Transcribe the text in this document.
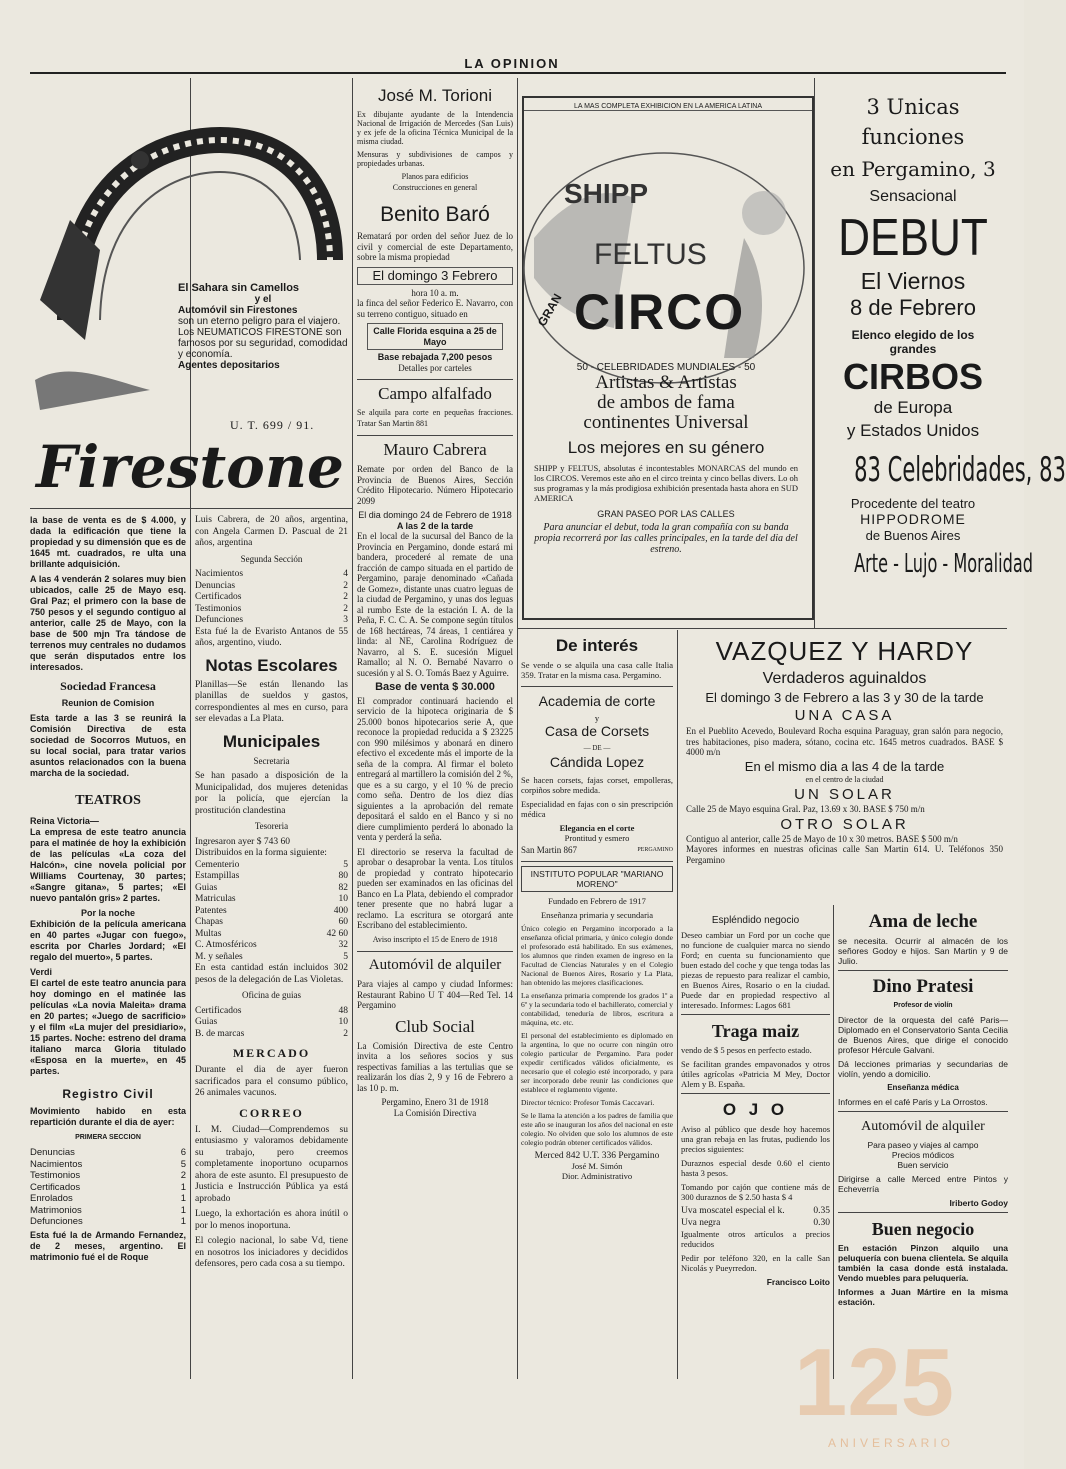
LA OPINION
El Sahara sin Camellos
y el
Automóvil sin Firestones
son un eterno peligro para el viajero.
Los NEUMATICOS FIRESTONE son famosos por su seguridad, comodidad y economía.
Agentes depositarios
U. T. 699 / 91.
Firestone

la base de venta es de $ 4.000, y dada la edificación que tiene la propiedad y su dimensión que es de 1645 mt. cuadrados, re ulta una brillante adquisición.

A las 4 venderán 2 solares muy bien ubicados, calle 25 de Mayo esq. Gral Paz; el primero con la base de 750 pesos y el segundo contiguo al anterior, calle 25 de Mayo, con la base de 500 mjn Tra tándose de terrenos muy centrales no dudamos que serán disputados entre los interesados.

Sociedad Francesa
Reunion de Comision

Esta tarde a las 3 se reunirá la Comisión Directiva de esta sociedad de Socorros Mutuos, en su local social, para tratar varios asuntos relacionados con la buena marcha de la sociedad.

TEATROS
Reina Victoria—

La empresa de este teatro anuncia para el matinée de hoy la exhibición de las películas «La coza del Halcón», cine novela policial por Williams Courtenay, 30 partes; «Sangre gitana», 5 partes; «El nuevo pantalón gris» 2 partes.

Por la noche

Exhibición de la película americana en 40 partes «Jugar con fuego», escrita por Charles Jordard; «El regalo del muerto», 5 partes.

Verdi

El cartel de este teatro anuncia para hoy domingo en el matinée las películas «La novia Maleita» drama en 20 partes; «Juego de sacrificio» y el film «La mujer del presidiario», 15 partes. Noche: estreno del drama italiano marca Gloria titulado «Esposa en la muerte», en 45 partes.

Registro Civil

Movimiento habido en esta repartición durante el dia de ayer:

PRIMERA SECCION
Denuncias	6
Nacimientos	5
Testimonios	2
Certificados	1
Enrolados	1
Matrimonios	1
Defunciones	1

Esta fué la de Armando Fernandez, de 2 meses, argentino. El matrimonio fué el de Roque

Luis Cabrera, de 20 años, argentina, con Angela Carmen D. Pascual de 21 años, argentina

Segunda Sección
Nacimientos	4
Denuncias	2
Certificados	2
Testimonios	2
Defunciones	3

Esta fué la de Evaristo Antanos de 55 años, argentino, viudo.

Notas Escolares

Planillas—Se están llenando las planillas de sueldos y gastos, correspondientes al mes en curso, para ser elevadas a La Plata.

Municipales
Secretaria

Se han pasado a disposición de la Municipalidad, dos mujeres detenidas por la policía, que ejercían la prostitución clandestina

Tesoreria

Ingresaron ayer $ 743 60

Distribuidos en la forma siguiente:

Cementerio	5
Estampillas	80
Guias	82
Matriculas	10
Patentes	400
Chapas	60
Multas	42 60
C. Atmosféricos	32
M. y señales	5

En esta cantidad están incluidos 302 pesos de la delegación de Las Violetas.

Oficina de guias
Certificados	48
Guias	10
B. de marcas	2
MERCADO

Durante el dia de ayer fueron sacrificados para el consumo público, 26 animales vacunos.

CORREO

I. M. Ciudad—Comprendemos su entusiasmo y valoramos debidamente su trabajo, pero creemos completamente inoportuno ocuparnos ahora de este asunto. El presupuesto de Justicia e Instrucción Pública ya está aprobado

Luego, la exhortación es ahora inútil o por lo menos inoportuna.

El colegio nacional, lo sabe Vd, tiene en nosotros los iniciadores y decididos defensores, pero cada cosa a su tiempo.

José M. Torioni

Ex dibujante ayudante de la Intendencia Nacional de Irrigación de Mercedes (San Luis) y ex jefe de la oficina Técnica Municipal de la misma ciudad.

Mensuras y subdivisiones de campos y propiedades urbanas.

Planos para edificios
Construcciones en general
Benito Baró

Rematará por orden del señor Juez de lo civil y comercial de este Departamento, sobre la misma propiedad

El domingo 3 Febrero
hora 10 a. m.

la finca del señor Federico E. Navarro, con su terreno contiguo, situado en

Calle Florida esquina a 25 de Mayo
Base rebajada 7,200 pesos
Detalles por carteles
Campo alfalfado

Se alquila para corte en pequeñas fracciones. Tratar San Martin 881

Mauro Cabrera

Remate por orden del Banco de la Provincia de Buenos Aires, Sección Crédito Hipotecario. Número Hipotecario 2099

El dia domingo 24 de Febrero de 1918
A las 2 de la tarde

En el local de la sucursal del Banco de la Provincia en Pergamino, donde estará mi bandera, procederé al remate de una fracción de campo situada en el partido de Pergamino, paraje denominado «Cañada de Gomez», distante unas cuatro leguas de la ciudad de Pergamino, y unas dos leguas al rumbo Este de la estación I. A. de la Peña, F. C. C. A. Se compone según títulos de 168 hectáreas, 74 áreas, 1 centiárea y linda: al NE, Carolina Rodríguez de Navarro, al S. E. sucesión Miguel Ramallo; al N. O. Bernabé Navarro o sucesión y al S. O. Tomás Baez y Aguirre.

Base de venta $ 30.000

El comprador continuará haciendo el servicio de la hipoteca originaria de $ 25.000 bonos hipotecarios serie A, que reconoce la propiedad reducida a $ 23225 con 990 milésimos y abonará en dinero efectivo el excedente más el importe de la seña de la compra. Al firmar el boleto entregará al martillero la comisión del 2 %, que es a su cargo, y el 10 % de precio como seña. Dentro de los diez días siguientes a la aprobación del remate depositará el saldo en el Banco y si no diere cumplimiento perderá lo abonado la venta y perderá la seña.

El directorio se reserva la facultad de aprobar o desaprobar la venta. Los títulos de propiedad y contrato hipotecario pueden ser examinados en las oficinas del Banco en La Plata, debiendo el comprador tener presente que no habrá lugar a reclamo. La escritura se otorgará ante Escribano del establecimiento.

Aviso inscripto el 15 de Enero de 1918
Automóvil de alquiler

Para viajes al campo y ciudad Informes: Restaurant Rabino U T 404—Red Tel. 14 Pergamino

Club Social

La Comisión Directiva de este Centro invita a los señores socios y sus respectivas familias a las tertulias que se realizarán los días 2, 9 y 16 de Febrero a las 10 p. m.

Pergamino, Enero 31 de 1918
La Comisión Directiva
LA MAS COMPLETA EXHIBICION EN LA AMERICA LATINA
SHIPP
FELTUS
GRAN CIRCO
50 - CELEBRIDADES MUNDIALES - 50
Artistas & Artistas
de ambos de fama
continentes Universal
Los mejores en su género

SHIPP y FELTUS, absolutas é incontestables MONARCAS del mundo en los CIRCOS. Veremos este año en el circo treinta y cinco bellas divers. Lo oh sus programas y la más prodigiosa exhibición presentada hasta ahora en SUD AMERICA

GRAN PASEO POR LAS CALLES

Para anunciar el debut, toda la gran compañía con su banda propia recorrerá por las calles principales, en la tarde del dia del estreno.

3 Unicas funciones
en Pergamino, 3
Sensacional
DEBUT
El Viernos
8 de Febrero
Elenco elegido de los grandes
CIRBOS
de Europa
y Estados Unidos
83 Celebridades, 83
Procedente del teatro
HIPPODROME
de Buenos Aires
Arte - Lujo - Moralidad
De interés

Se vende o se alquila una casa calle Italia 359. Tratar en la misma casa. Pergamino.

Academia de corte
y
Casa de Corsets
— DE —
Cándida Lopez

Se hacen corsets, fajas corset, empolleras, corpiños sobre medida.

Especialidad en fajas con o sin prescripción médica

Elegancia en el corte
Prontitud y esmero
San Martin 867	PERGAMINO
INSTITUTO POPULAR "MARIANO MORENO"
Fundado en Febrero de 1917
Enseñanza primaria y secundaria

Único colegio en Pergamino incorporado a la enseñanza oficial primaria, y único colegio donde el profesorado está habilitado. En sus exámenes, los alumnos que rinden examen de ingreso en la Facultad de Ciencias Naturales y en el Colegio Nacional de Buenos Aires, Rosario y La Plata, han obtenido las mejores clasificaciones.

La enseñanza primaria comprende los grados 1º a 6º y la secundaria todo el bachillerato, comercial y contabilidad, teneduría de libros, escritura a máquina, etc. etc.

El personal del establecimiento es diplomado en la argentina, lo que no ocurre con ningún otro colegio particular de Pergamino. Para poder expedir certificados válidos oficialmente, es necesario que el colegio esté incorporado, y para ser incorporado debe reunir las condiciones que establece el reglamento vigente.

Director técnico: Profesor Tomás Caccavari.

Se le llama la atención a los padres de familia que este año se inauguran los años del nacional en este colegio. No olviden que solo los alumnos de este colegio podrán obtener certificados válidos.

Merced 842 U.T. 336 Pergamino
José M. Simón
Dior. Administrativo
VAZQUEZ Y HARDY
Verdaderos aguinaldos
El domingo 3 de Febrero a las 3 y 30 de la tarde
UNA CASA

En el Pueblito Acevedo, Boulevard Rocha esquina Paraguay, gran salón para negocio, tres habitaciones, piso madera, sótano, cocina etc. 1645 metros cuadrados. BASE $ 4000 m/n

En el mismo dia a las 4 de la tarde
en el centro de la ciudad
UN SOLAR

Calle 25 de Mayo esquina Gral. Paz, 13.69 x 30. BASE $ 750 m/n

OTRO SOLAR

Contiguo al anterior, calle 25 de Mayo de 10 x 30 metros. BASE $ 500 m/n

Mayores informes en nuestras oficinas calle San Martin 614. U. Teléfonos 350 Pergamino

Espléndido negocio

Deseo cambiar un Ford por un coche que no funcione de cualquier marca no siendo Ford; en cuenta su funcionamiento que buen estado del coche y que tenga todas las piezas de repuesto para realizar el cambio, en Buenos Aires, Rosario o en la ciudad. Puede dar en propiedad respectivo al interesado. Informes: Lagos 681

Traga maiz

vendo de $ 5 pesos en perfecto estado.

Se facilitan grandes empavonados y otros útiles agrícolas «Patricia M Mey, Doctor Alem y B. España.

O J O

Aviso al público que desde hoy hacemos una gran rebaja en las frutas, pudiendo los precios siguientes:

Duraznos especial desde 0.60 el ciento hasta 3 pesos.

Tomando por cajón que contiene más de 300 duraznos de $ 2.50 hasta $ 4

Uva moscatel especial el k.	0.35
Uva negra	0.30

Igualmente otros artículos a precios reducidos

Pedir por teléfono 320, en la calle San Nicolás y Pueyrredon.

Francisco Loito
Ama de leche

se necesita. Ocurrir al almacén de los señores Godoy e hijos. San Martin y 9 de Julio.

Dino Pratesi
Profesor de violín

Director de la orquesta del café Paris—Diplomado en el Conservatorio Santa Cecilia de Buenos Aires, que dirige el conocido profesor Hércule Galvani.

Dá lecciones primarias y secundarias de violín, yendo a domicilio.

Enseñanza médica

Informes en el café Paris y La Orrostos.

Automóvil de alquiler
Para paseo y viajes al campo
Precios módicos
Buen servicio

Dirigirse a calle Merced entre Pintos y Echeverría

Iriberto Godoy
Buen negocio

En estación Pinzon alquilo una peluquería con buena clientela. Se alquila también la casa donde está instalada. Vendo muebles para peluquería.

Informes a Juan Mártire en la misma estación.

125
ANIVERSARIO
